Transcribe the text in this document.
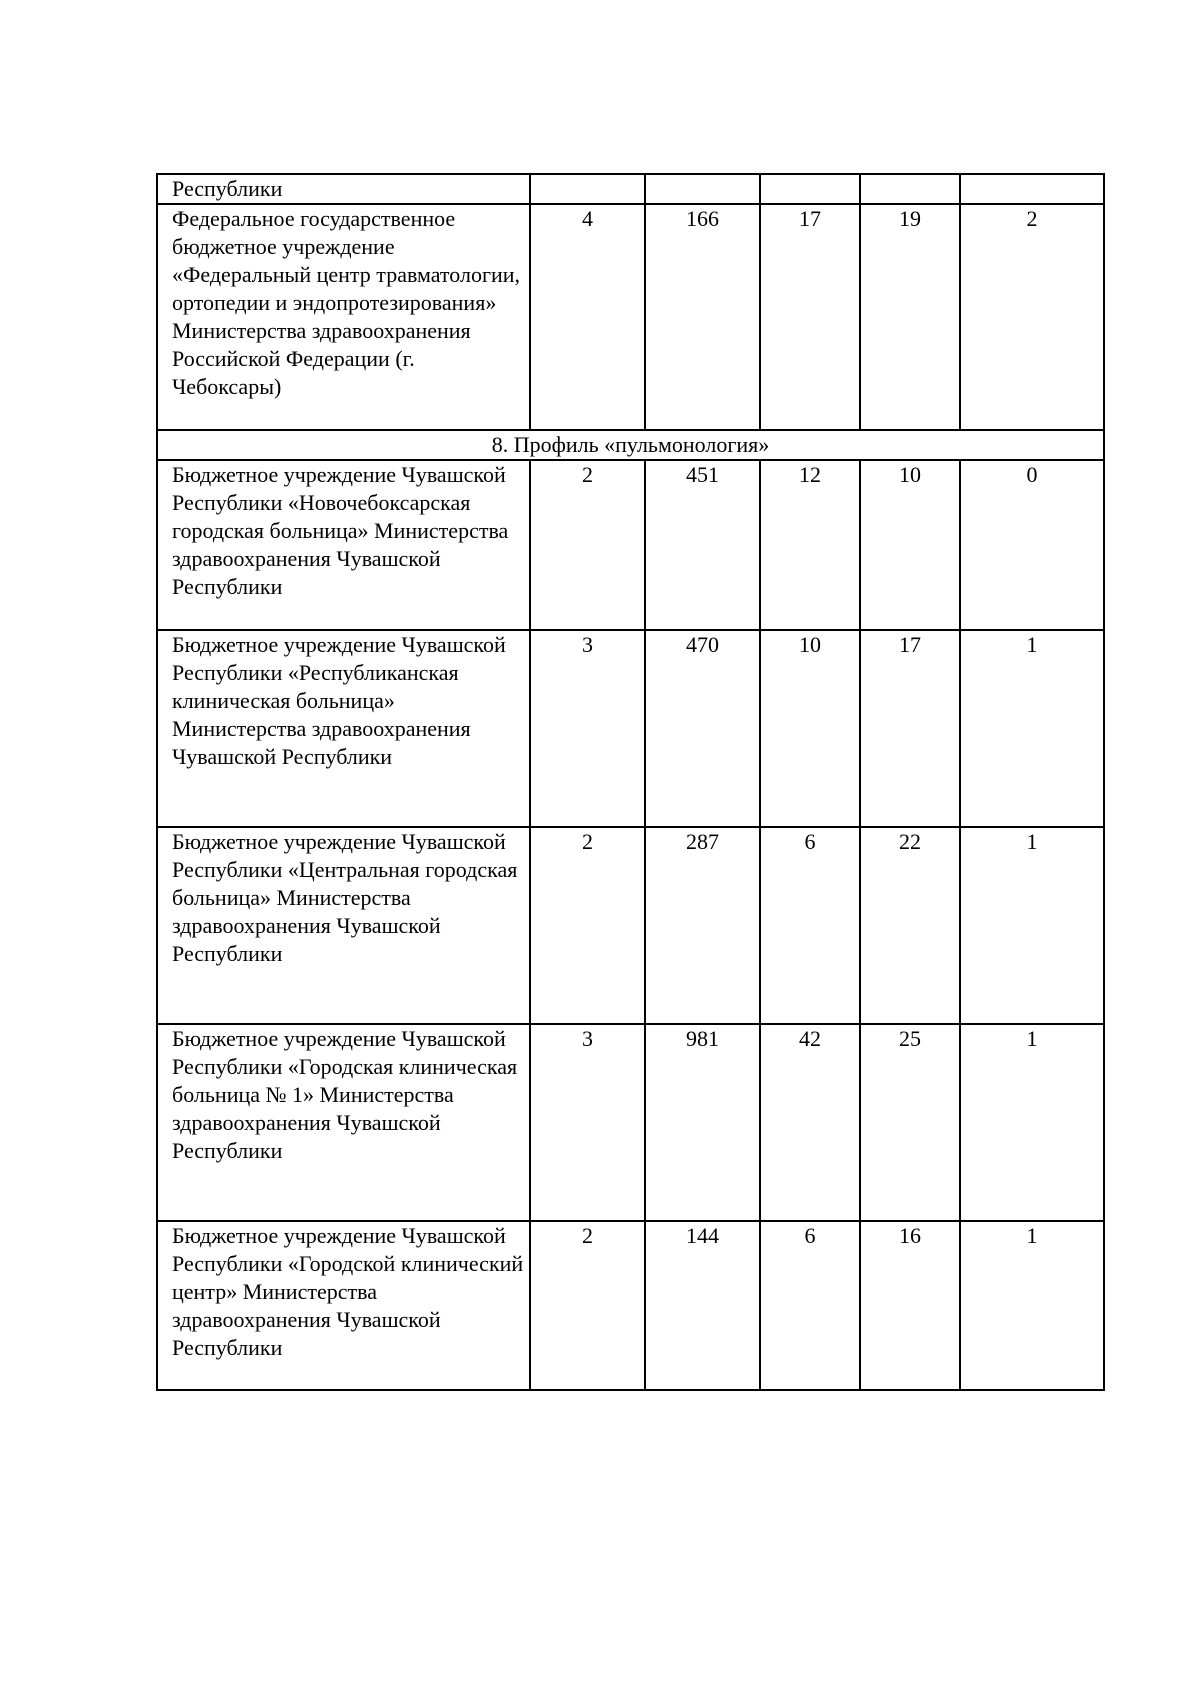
Республики					
Федеральное государственное бюджетное учреждение «Федеральный центр травматологии, ортопедии и эндопротезирования» Министерства здравоохранения Российской Федерации (г. Чебоксары)	4	166	17	19	2
8. Профиль «пульмонология»					
Бюджетное учреждение Чувашской Республики «Новочебоксарская городская больница» Министерства здравоохранения Чувашской Республики	2	451	12	10	0
Бюджетное учреждение Чувашской Республики «Республиканская клиническая больница» Министерства здравоохранения Чувашской Республики	3	470	10	17	1
Бюджетное учреждение Чувашской Республики «Центральная городская больница» Министерства здравоохранения Чувашской Республики	2	287	6	22	1
Бюджетное учреждение Чувашской Республики «Городская клиническая больница № 1» Министерства здравоохранения Чувашской Республики	3	981	42	25	1
Бюджетное учреждение Чувашской Республики «Городской клинический центр» Министерства здравоохранения Чувашской Республики	2	144	6	16	1
